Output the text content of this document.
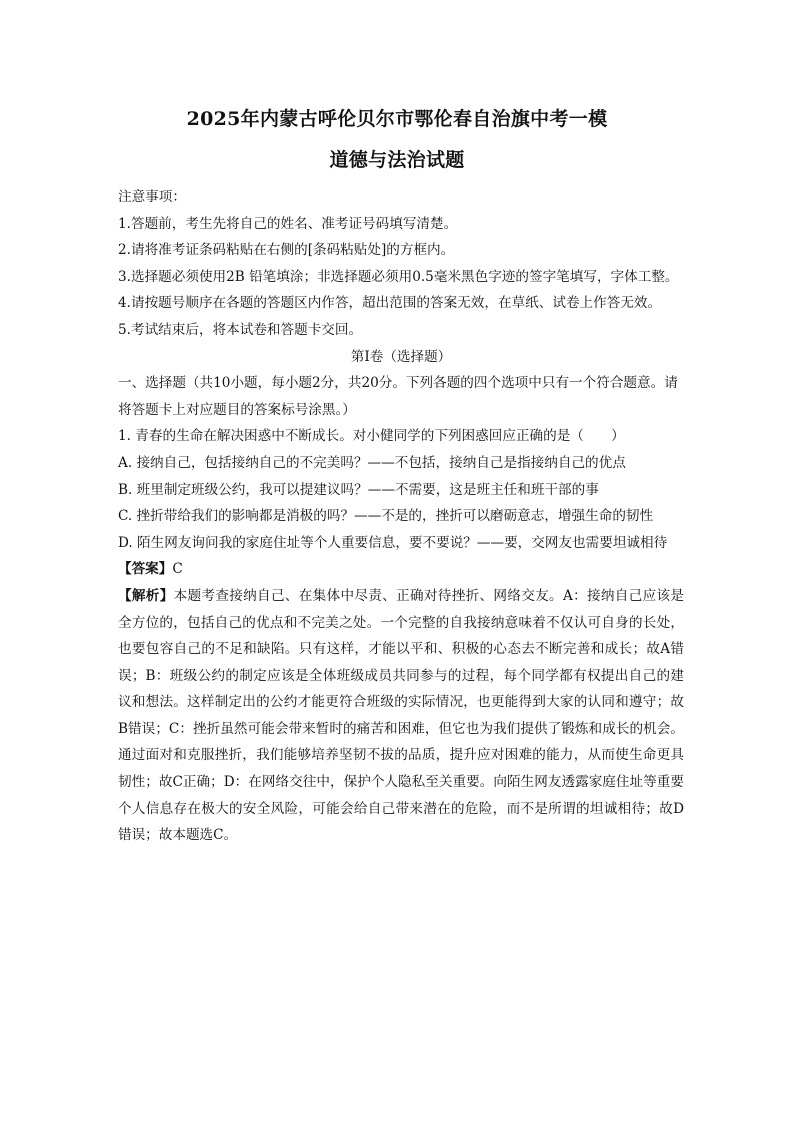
2025年内蒙古呼伦贝尔市鄂伦春自治旗中考一模
道德与法治试题

注意事项：

1.答题前，考生先将自己的姓名、准考证号码填写清楚。

2.请将准考证条码粘贴在右侧的[条码粘贴处]的方框内。

3.选择题必须使用2B 铅笔填涂；非选择题必须用0.5毫米黑色字迹的签字笔填写，字体工整。

4.请按题号顺序在各题的答题区内作答，超出范围的答案无效，在草纸、试卷上作答无效。

5.考试结束后，将本试卷和答题卡交回。

第Ⅰ卷（选择题）

一、选择题（共10小题，每小题2分，共20分。下列各题的四个选项中只有一个符合题意。请将答题卡上对应题目的答案标号涂黑。）

1. 青春的生命在解决困惑中不断成长。对小健同学的下列困惑回应正确的是（　　）

A. 接纳自己，包括接纳自己的不完美吗？——不包括，接纳自己是指接纳自己的优点

B. 班里制定班级公约，我可以提建议吗？——不需要，这是班主任和班干部的事

C. 挫折带给我们的影响都是消极的吗？——不是的，挫折可以磨砺意志，增强生命的韧性

D. 陌生网友询问我的家庭住址等个人重要信息，要不要说？——要，交网友也需要坦诚相待

【答案】C

【解析】本题考查接纳自己、在集体中尽责、正确对待挫折、网络交友。A：接纳自己应该是全方位的，包括自己的优点和不完美之处。一个完整的自我接纳意味着不仅认可自身的长处，也要包容自己的不足和缺陷。只有这样，才能以平和、积极的心态去不断完善和成长；故A错误；B：班级公约的制定应该是全体班级成员共同参与的过程，每个同学都有权提出自己的建议和想法。这样制定出的公约才能更符合班级的实际情况，也更能得到大家的认同和遵守；故B错误；C：挫折虽然可能会带来暂时的痛苦和困难，但它也为我们提供了锻炼和成长的机会。通过面对和克服挫折，我们能够培养坚韧不拔的品质，提升应对困难的能力，从而使生命更具韧性；故C正确；D：在网络交往中，保护个人隐私至关重要。向陌生网友透露家庭住址等重要个人信息存在极大的安全风险，可能会给自己带来潜在的危险，而不是所谓的坦诚相待；故D错误；故本题选C。
